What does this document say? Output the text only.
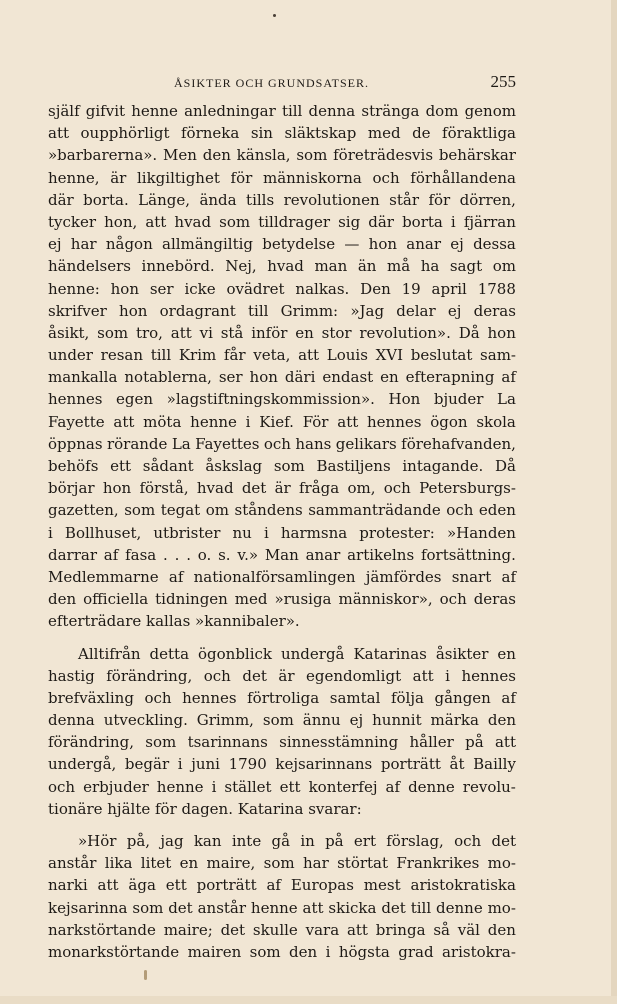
ÅSIKTER OCH GRUNDSATSER.	255
själf gifvit henne anledningar till denna stränga dom genom
att oupphörligt förneka sin släktskap med de föraktliga
»barbarerna». Men den känsla, som företrädesvis behärskar
henne, är likgiltighet för människorna och förhållandena
där borta. Länge, ända tills revolutionen står för dörren,
tycker hon, att hvad som tilldrager sig där borta i fjärran
ej har någon allmängiltig betydelse — hon anar ej dessa
händelsers innebörd. Nej, hvad man än må ha sagt om
henne: hon ser icke ovädret nalkas. Den 19 april 1788
skrifver hon ordagrant till Grimm: »Jag delar ej deras
åsikt, som tro, att vi stå inför en stor revolution». Då hon
under resan till Krim får veta, att Louis XVI beslutat sam-
mankalla notablerna, ser hon däri endast en efterapning af
hennes egen »lagstiftningskommission». Hon bjuder La
Fayette att möta henne i Kief. För att hennes ögon skola
öppnas rörande La Fayettes och hans gelikars förehafvanden,
behöfs ett sådant åskslag som Bastiljens intagande. Då
börjar hon förstå, hvad det är fråga om, och Petersburgs-
gazetten, som tegat om ståndens sammanträdande och eden
i Bollhuset, utbrister nu i harmsna protester: »Handen
darrar af fasa . . . o. s. v.» Man anar artikelns fortsättning.
Medlemmarne af nationalförsamlingen jämfördes snart af
den officiella tidningen med »rusiga människor», och deras
efterträdare kallas »kannibaler».
Alltifrån detta ögonblick undergå Katarinas åsikter en
hastig förändring, och det är egendomligt att i hennes
brefväxling och hennes förtroliga samtal följa gången af
denna utveckling. Grimm, som ännu ej hunnit märka den
förändring, som tsarinnans sinnesstämning håller på att
undergå, begär i juni 1790 kejsarinnans porträtt åt Bailly
och erbjuder henne i stället ett konterfej af denne revolu-
tionäre hjälte för dagen. Katarina svarar:
»Hör på, jag kan inte gå in på ert förslag, och det
anstår lika litet en maire, som har störtat Frankrikes mo-
narki att äga ett porträtt af Europas mest aristokratiska
kejsarinna som det anstår henne att skicka det till denne mo-
narkstörtande maire; det skulle vara att bringa så väl den
monarkstörtande mairen som den i högsta grad aristokra-
